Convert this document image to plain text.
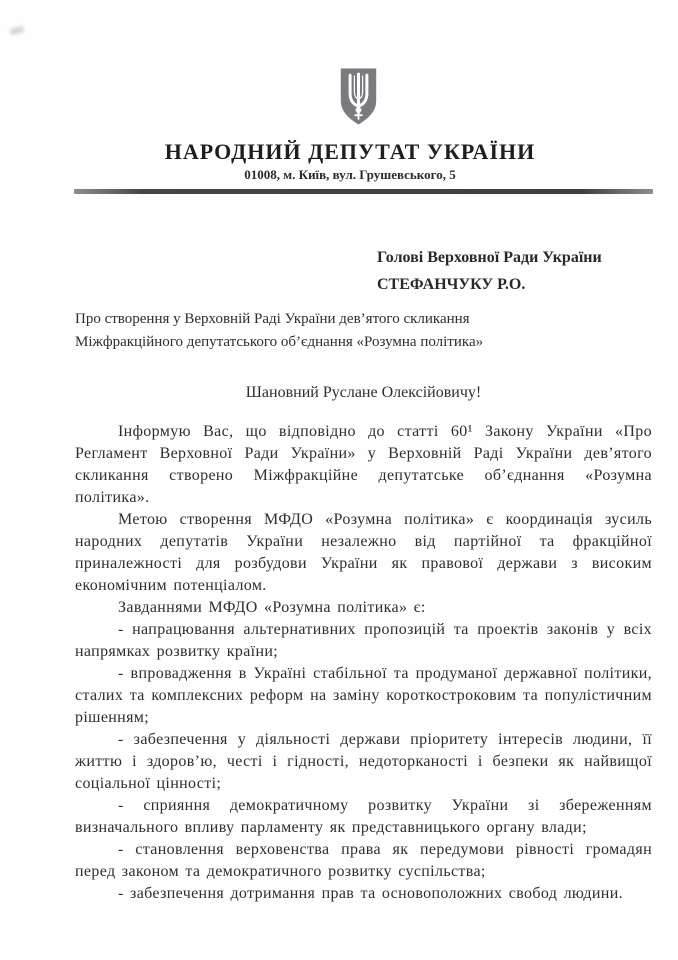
НАРОДНИЙ ДЕПУТАТ УКРАЇНИ
01008, м. Київ, вул. Грушевського, 5
Голові Верховної Ради України
СТЕФАНЧУКУ Р.О.
Про створення у Верховній Раді України дев’ятого скликання Міжфракційного депутатського об’єднання «Розумна політика»
Шановний Руслане Олексійовичу!

Інформую Вас, що відповідно до статті 60¹ Закону України «Про Регламент Верховної Ради України» у Верховній Раді України дев’ятого скликання створено Міжфракційне депутатське об’єднання «Розумна політика».

Метою створення МФДО «Розумна політика» є координація зусиль народних депутатів України незалежно від партійної та фракційної приналежності для розбудови України як правової держави з високим економічним потенціалом.

Завданнями МФДО «Розумна політика» є:

- напрацювання альтернативних пропозицій та проектів законів у всіх напрямках розвитку країни;

- впровадження в Україні стабільної та продуманої державної політики, сталих та комплексних реформ на заміну короткостроковим та популістичним рішенням;

- забезпечення у діяльності держави пріоритету інтересів людини, її життю і здоров’ю, честі і гідності, недоторканості і безпеки як найвищої соціальної цінності;

- сприяння демократичному розвитку України зі збереженням визначального впливу парламенту як представницького органу влади;

- становлення верховенства права як передумови рівності громадян перед законом та демократичного розвитку суспільства;

- забезпечення дотримання прав та основоположних свобод людини.
